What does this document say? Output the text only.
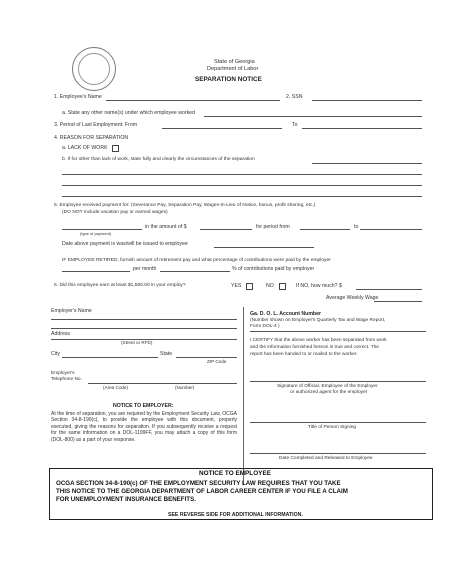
State of Georgia
Department of Labor
SEPARATION NOTICE
1. Employee's Name	2. SSN
a. State any other name(s) under which employee worked
3. Period of Last Employment: From	To
4. REASON FOR SEPARATION
a. LACK OF WORK
b. If for other than lack of work, state fully and clearly the circumstances of the separation
5. Employee received payment for: (Severance Pay, Separation Pay, Wages-In-Lieu of Notice, bonus, profit sharing, etc.)
(DO NOT include vacation pay or earned wages)
in the amount of $	for period from	to
(type of payment)
Date above payment is was/will be issued to employee
IF EMPLOYEE RETIRED, furnish amount of retirement pay and what percentage of contributions were paid by the employer
per month	% of contributions paid by employer
6. Did this employee earn at least $1,500.00 in your employ?	YES	NO	If NO, how much? $
Average Weekly Wage
Employer's Name
Address
(Street or RFD)
City	State
ZIP Code
Employer's Telephone No.
(Area Code)	(Number)
Ga. D. O. L. Account Number
(Number shown on Employer's Quarterly Tax and Wage Report,
Form DOL-4 )
I CERTIFY that the above worker has been separated from work
and the information furnished hereon is true and correct. The
report has been handed to or mailed to the worker.
Signature of Official, Employee of the Employer
or authorized agent for the employer
Title of Person Signing
Date Completed and Released to Employee
NOTICE TO EMPLOYER:
At the time of separation, you are required by the Employment Security Law, OCGA Section 34-8-190(c), to provide the employee with this document, properly executed, giving the reasons for separation. If you subsequently receive a request for the same information on a DOL-1199FF, you may attach a copy of this form (DOL-800) as a part of your response.
NOTICE TO EMPLOYEE
OCGA SECTION 34-8-190(c) OF THE EMPLOYMENT SECURITY LAW REQUIRES THAT YOU TAKE
THIS NOTICE TO THE GEORGIA DEPARTMENT OF LABOR CAREER CENTER IF YOU FILE A CLAIM
FOR UNEMPLOYMENT INSURANCE BENEFITS.
SEE REVERSE SIDE FOR ADDITIONAL INFORMATION.
